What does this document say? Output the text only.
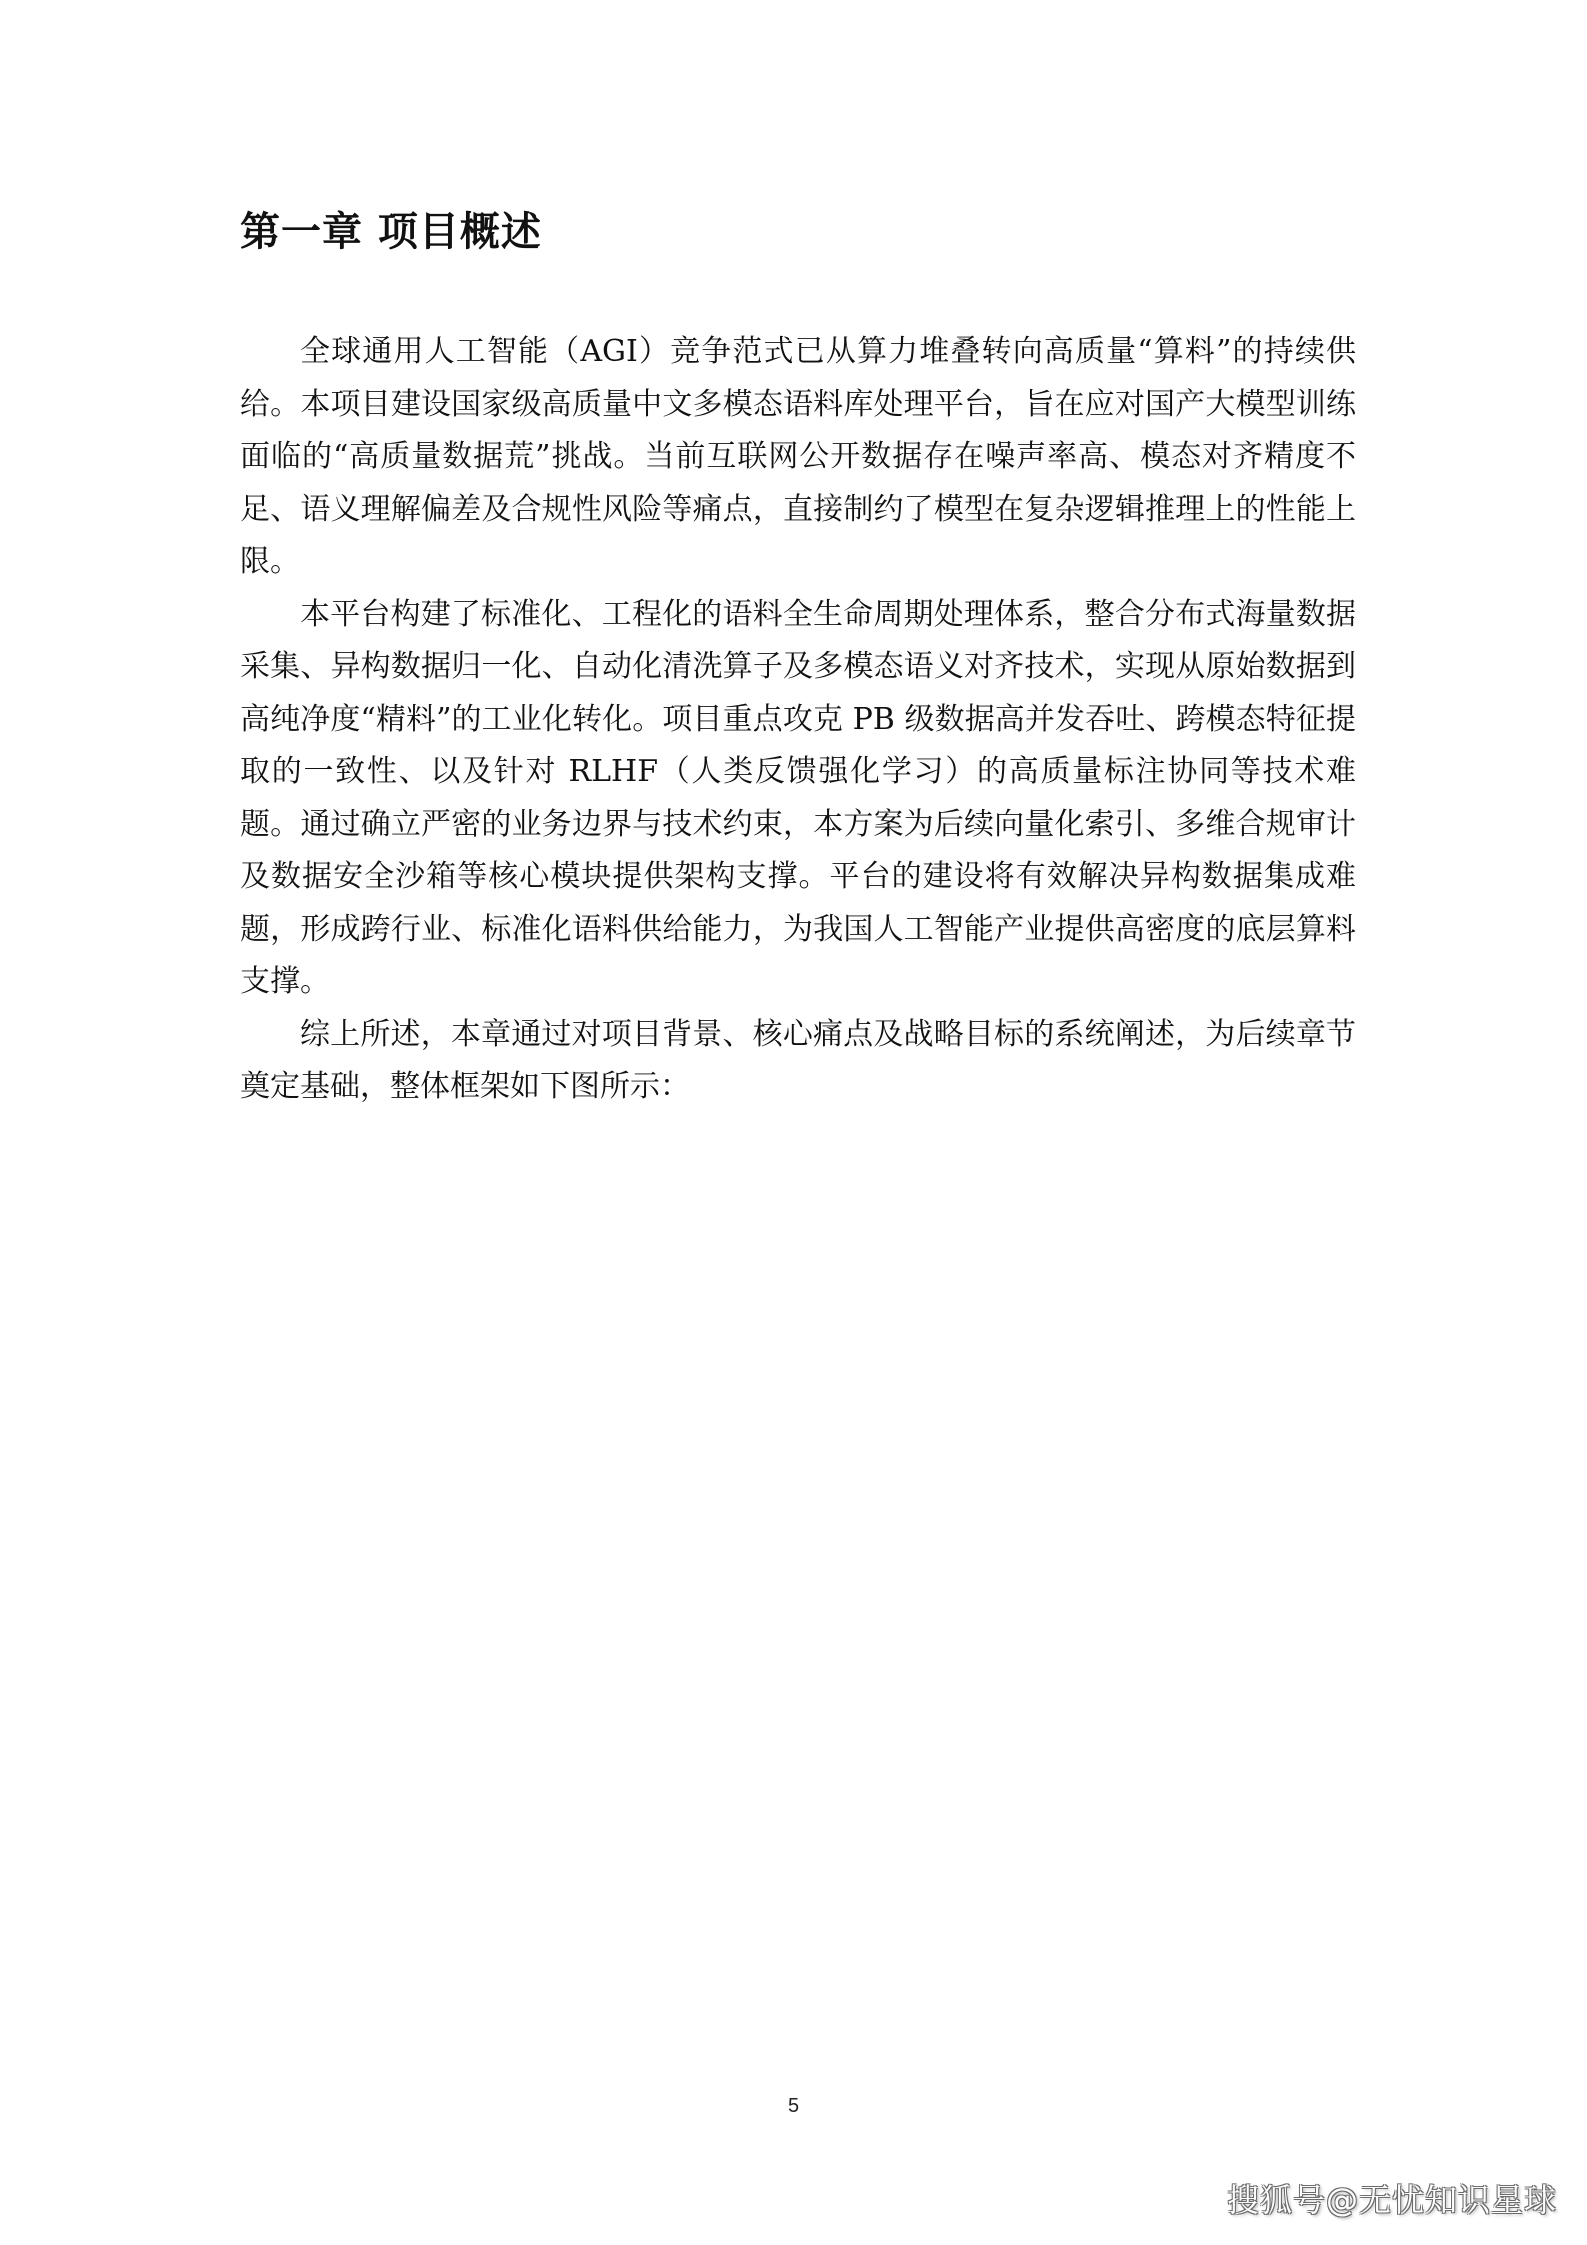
第一章 项目概述

全球通用人工智能（AGI）竞争范式已从算力堆叠转向高质量“算料”的持续供给。本项目建设国家级高质量中文多模态语料库处理平台，旨在应对国产大模型训练面临的“高质量数据荒”挑战。当前互联网公开数据存在噪声率高、模态对齐精度不足、语义理解偏差及合规性风险等痛点，直接制约了模型在复杂逻辑推理上的性能上限。

本平台构建了标准化、工程化的语料全生命周期处理体系，整合分布式海量数据采集、异构数据归一化、自动化清洗算子及多模态语义对齐技术，实现从原始数据到高纯净度“精料”的工业化转化。项目重点攻克 PB 级数据高并发吞吐、跨模态特征提取的一致性、以及针对 RLHF（人类反馈强化学习）的高质量标注协同等技术难题。通过确立严密的业务边界与技术约束，本方案为后续向量化索引、多维合规审计及数据安全沙箱等核心模块提供架构支撑。平台的建设将有效解决异构数据集成难题，形成跨行业、标准化语料供给能力，为我国人工智能产业提供高密度的底层算料支撑。

综上所述，本章通过对项目背景、核心痛点及战略目标的系统阐述，为后续章节奠定基础，整体框架如下图所示：

5
搜狐号@无忧知识星球
